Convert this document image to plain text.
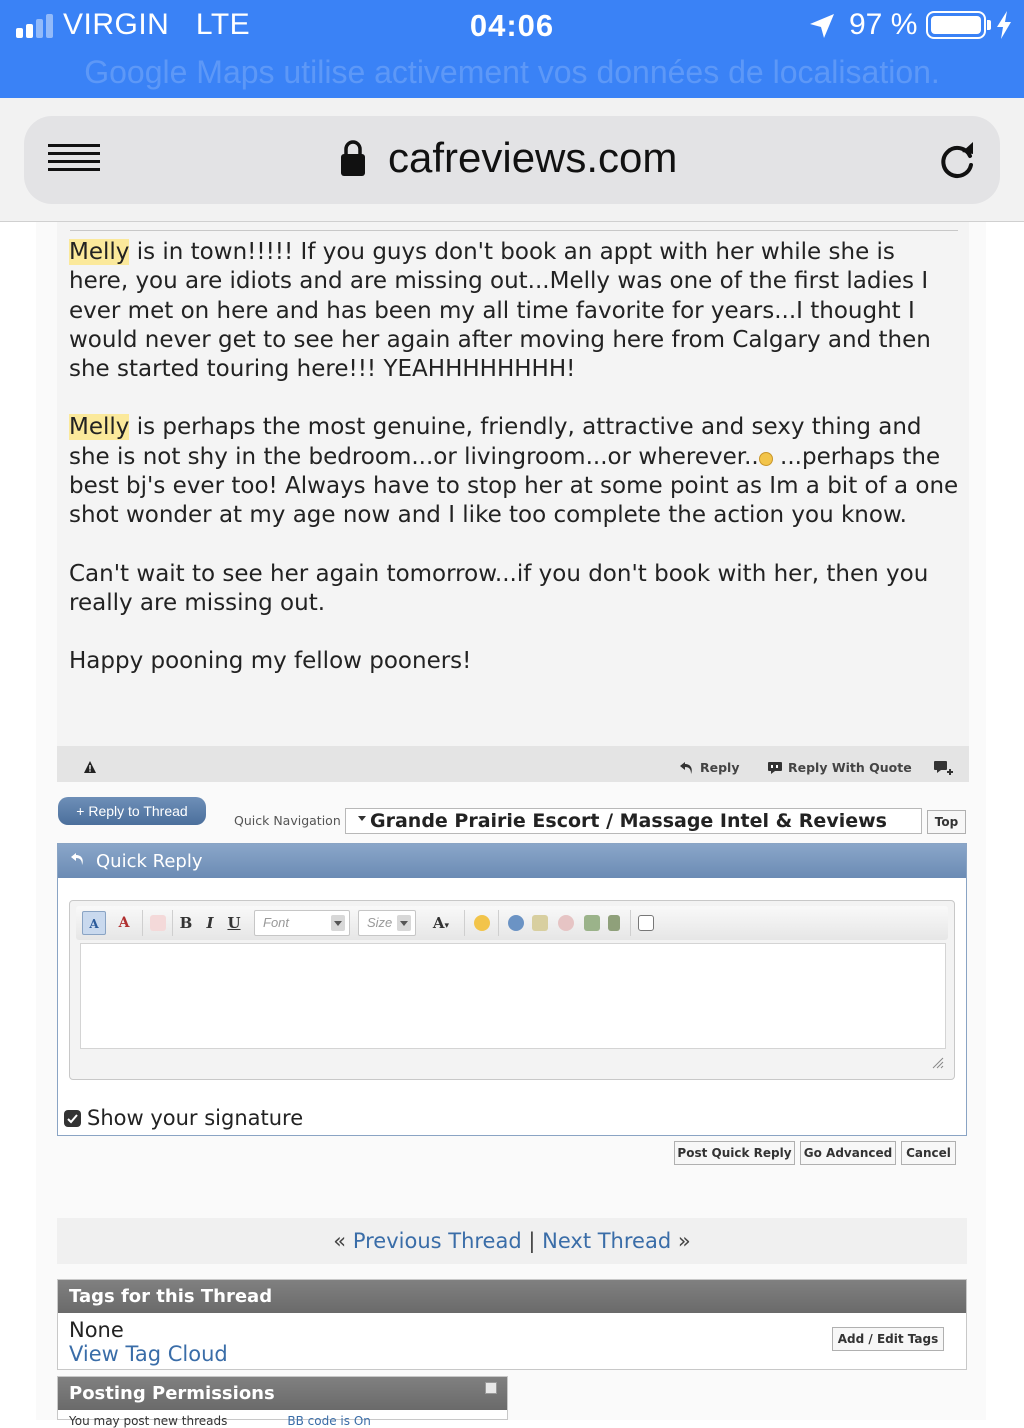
VIRGIN LTE	04:06	97 %
Google Maps utilise activement vos données de localisation.
cafreviews.com

Melly is in town!!!!! If you guys don't book an appt with her while she is here, you are idiots and are missing out...Melly was one of the first ladies I ever met on here and has been my all time favorite for years...I thought I would never get to see her again after moving here from Calgary and then she started touring here!!! YEAHHHHHHHH!

Melly is perhaps the most genuine, friendly, attractive and sexy thing and she is not shy in the bedroom...or livingroom...or wherever.. ...perhaps the best bj's ever too! Always have to stop her at some point as Im a bit of a one shot wonder at my age now and I like too complete the action you know.

Can't wait to see her again tomorrow...if you don't book with her, then you really are missing out.

Happy pooning my fellow pooners!

Reply	Reply With Quote
+ Reply to Thread
Quick Navigation	Grande Prairie Escort / Massage Intel & Reviews	Top
Quick Reply
A	A	B I U	Font	Size	A▾
Show your signature
Post Quick Reply	Go Advanced	Cancel
« Previous Thread | Next Thread »
Tags for this Thread
None
View Tag Cloud
Add / Edit Tags
Posting Permissions
You may post new threads	BB code is On
